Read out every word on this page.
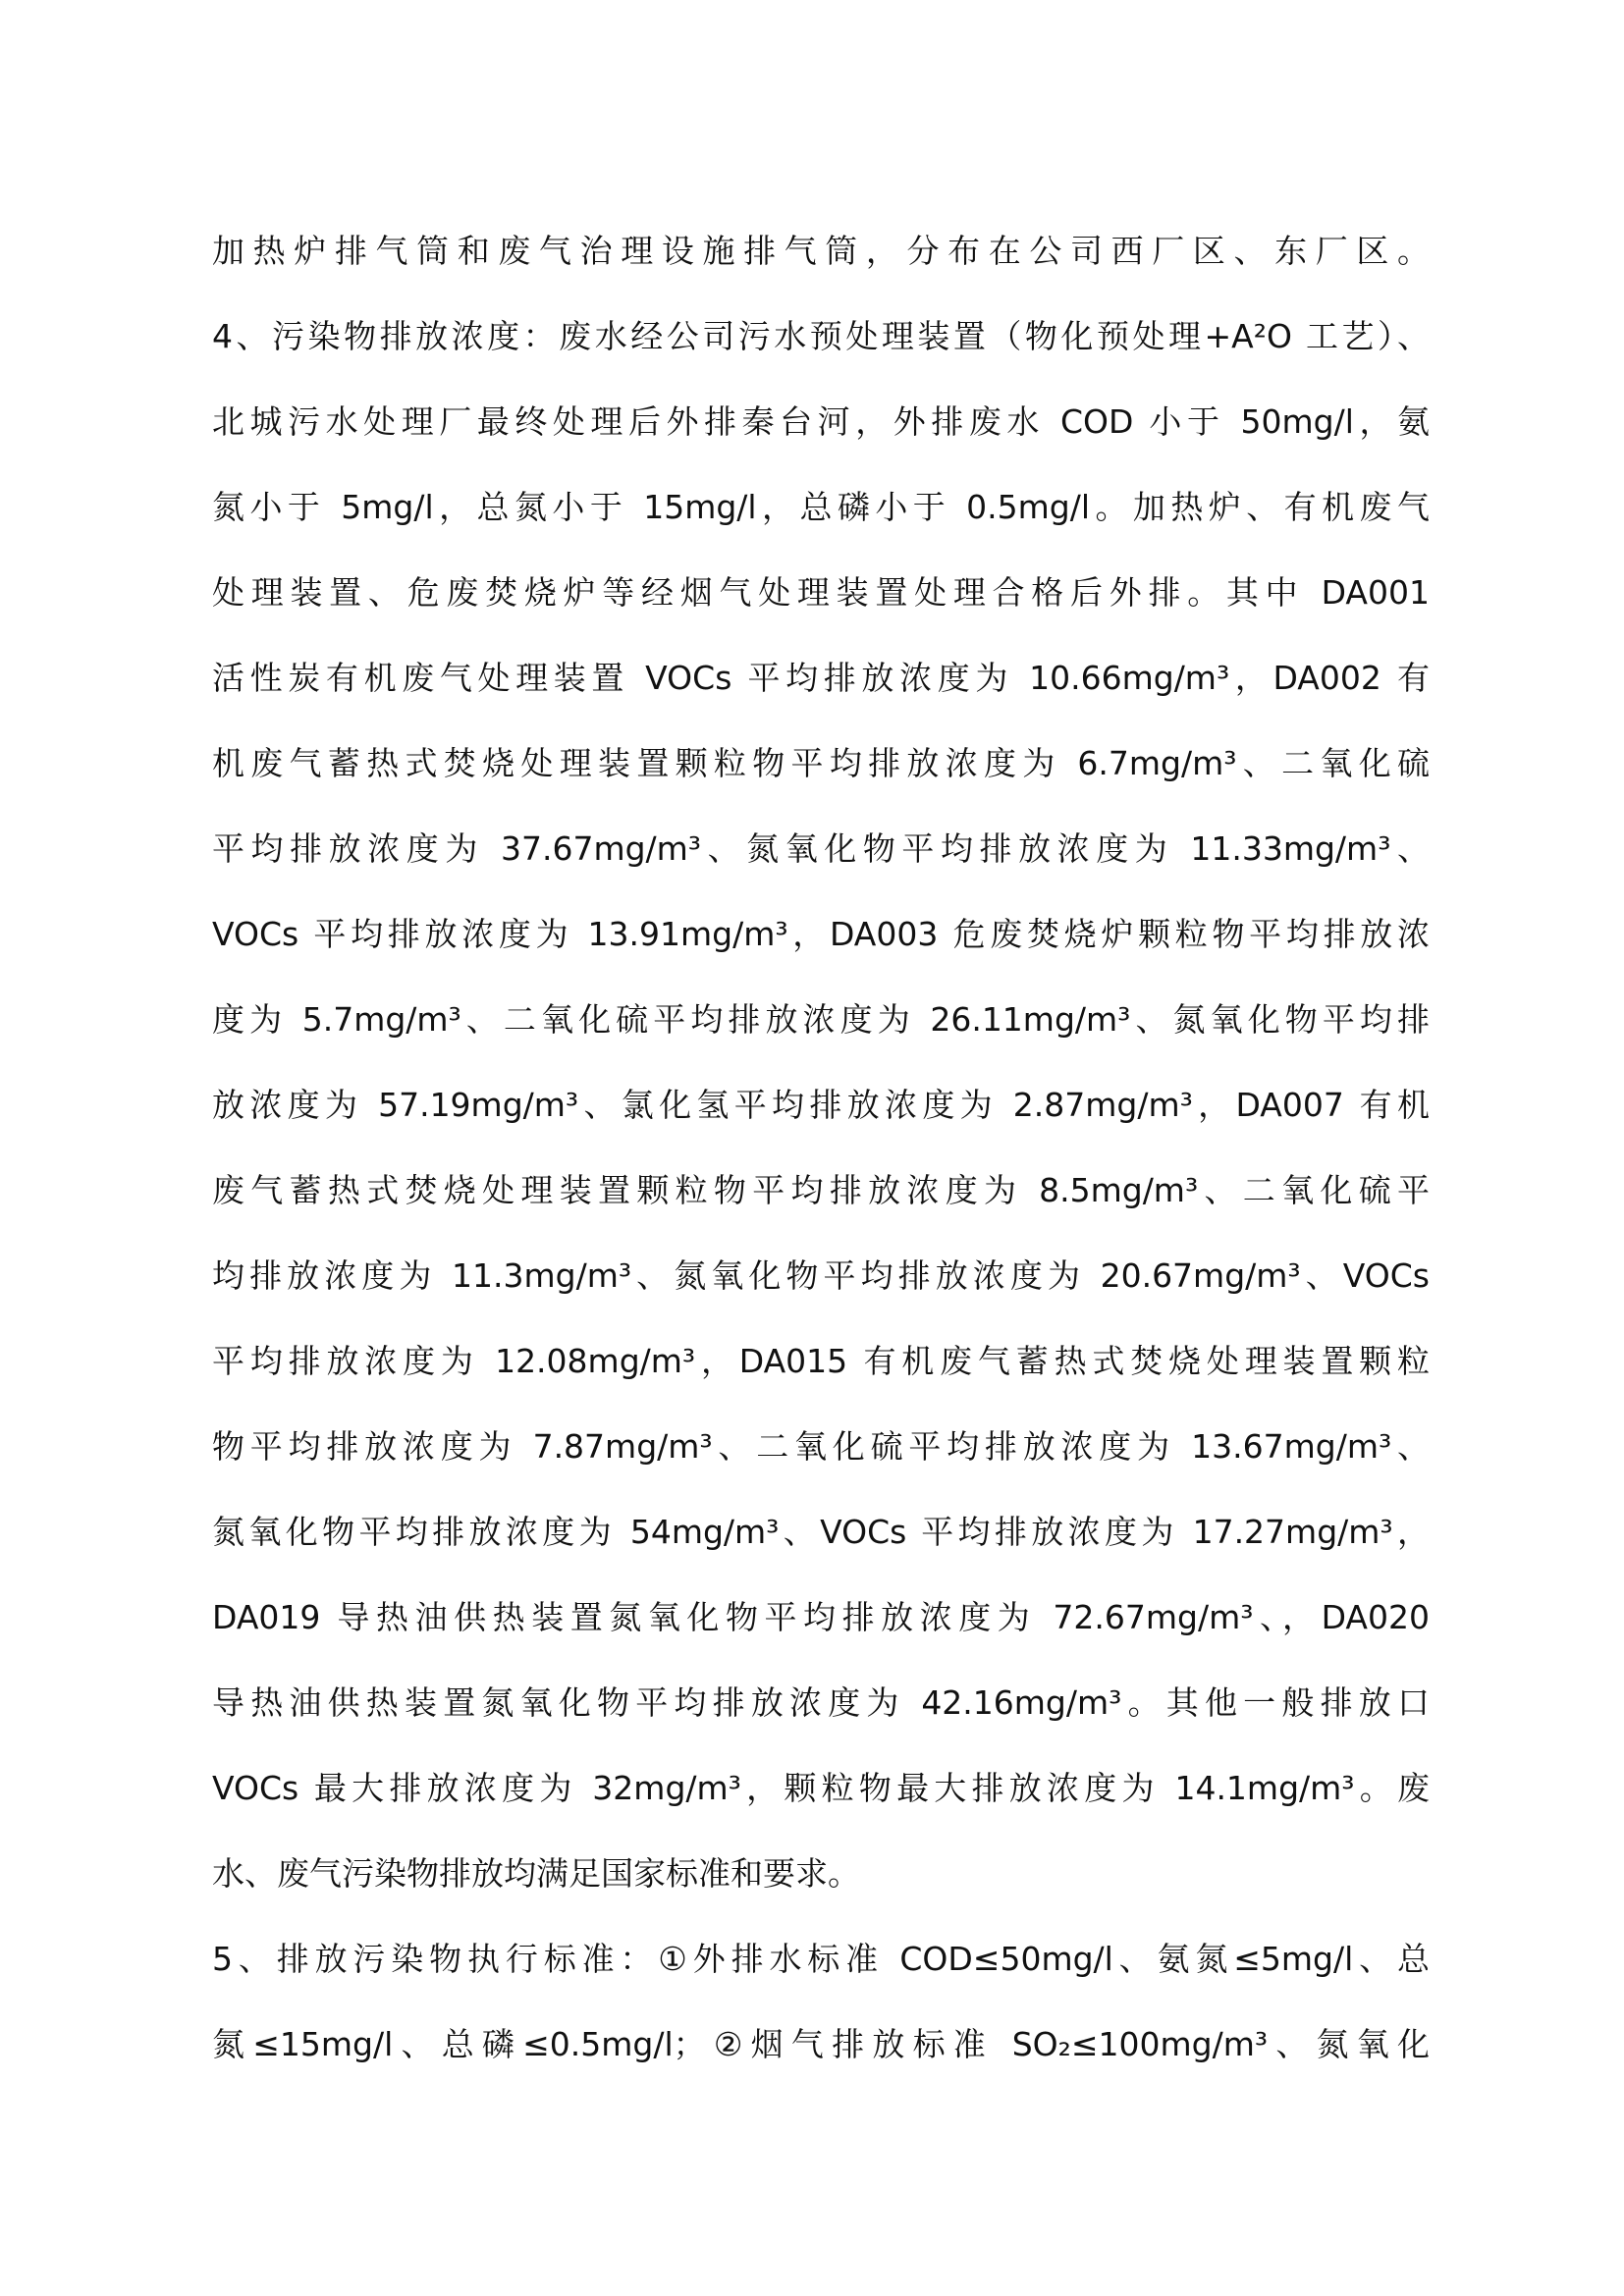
加热炉排气筒和废气治理设施排气筒，分布在公司西厂区、东厂区。
4、污染物排放浓度：废水经公司污水预处理装置（物化预处理+A²O 工艺）、
北城污水处理厂最终处理后外排秦台河，外排废水 COD 小于 50mg/l，氨
氮小于 5mg/l，总氮小于 15mg/l，总磷小于 0.5mg/l。加热炉、有机废气
处理装置、危废焚烧炉等经烟气处理装置处理合格后外排。其中 DA001
活性炭有机废气处理装置 VOCs 平均排放浓度为 10.66mg/m³，DA002 有
机废气蓄热式焚烧处理装置颗粒物平均排放浓度为 6.7mg/m³、二氧化硫
平均排放浓度为 37.67mg/m³、氮氧化物平均排放浓度为 11.33mg/m³、
VOCs 平均排放浓度为 13.91mg/m³，DA003 危废焚烧炉颗粒物平均排放浓
度为 5.7mg/m³、二氧化硫平均排放浓度为 26.11mg/m³、氮氧化物平均排
放浓度为 57.19mg/m³、氯化氢平均排放浓度为 2.87mg/m³，DA007 有机
废气蓄热式焚烧处理装置颗粒物平均排放浓度为 8.5mg/m³、二氧化硫平
均排放浓度为 11.3mg/m³、氮氧化物平均排放浓度为 20.67mg/m³、VOCs
平均排放浓度为 12.08mg/m³，DA015 有机废气蓄热式焚烧处理装置颗粒
物平均排放浓度为 7.87mg/m³、二氧化硫平均排放浓度为 13.67mg/m³、
氮氧化物平均排放浓度为 54mg/m³、VOCs 平均排放浓度为 17.27mg/m³，
DA019 导热油供热装置氮氧化物平均排放浓度为 72.67mg/m³、，DA020
导热油供热装置氮氧化物平均排放浓度为 42.16mg/m³。其他一般排放口
VOCs 最大排放浓度为 32mg/m³，颗粒物最大排放浓度为 14.1mg/m³。废
水、废气污染物排放均满足国家标准和要求。
5、排放污染物执行标准：①外排水标准 COD≤50mg/l、氨氮≤5mg/l、总
氮≤15mg/l、总磷≤0.5mg/l；②烟气排放标准 SO₂≤100mg/m³、氮氧化
